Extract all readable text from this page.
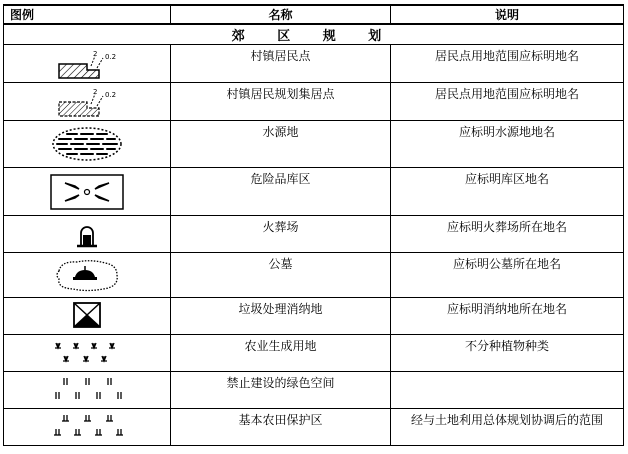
图例	名称	说明
郊 区 规 划		

2 0.2	村镇居民点	居民点用地范围应标明地名

2 0.2	村镇居民规划集居点	居民点用地范围应标明地名

	水源地	应标明水源地地名

	危险品库区	应标明库区地名

	火葬场	应标明火葬场所在地名

	公墓	应标明公墓所在地名

	垃圾处理消纳地	应标明消纳地所在地名

	农业生成用地	不分种植物种类

	禁止建设的绿色空间	

	基本农田保护区	经与土地利用总体规划协调后的范围
